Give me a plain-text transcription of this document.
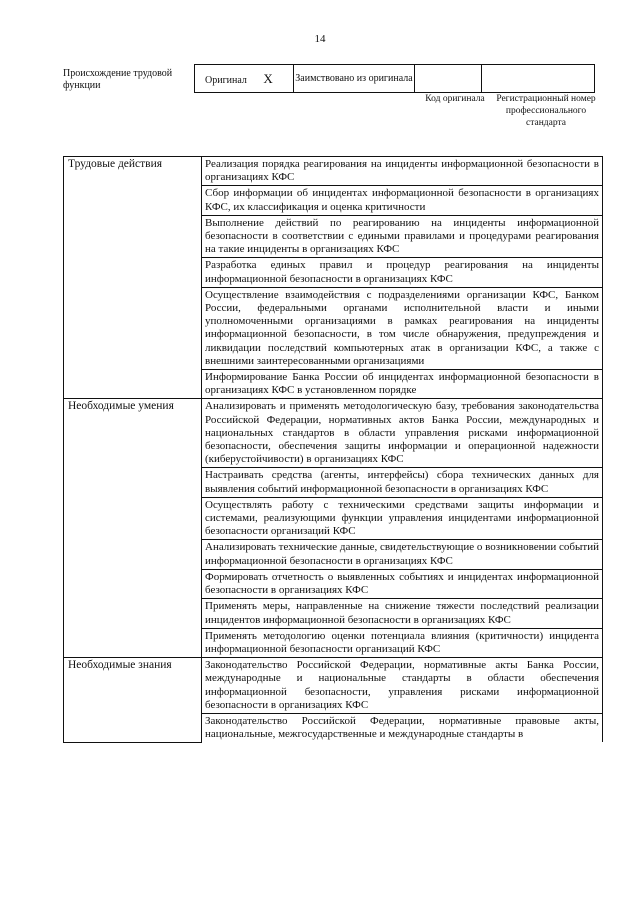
14
Происхождение трудовой функции	Оригинал X	Заимствовано из оригинала		
Код оригинала	Регистрационный номер профессионального стандарта
Трудовые действия	Реализация порядка реагирования на инциденты информационной безопасности в организациях КФС
	Сбор информации об инцидентах информационной безопасности в организациях КФС, их классификация и оценка критичности
	Выполнение действий по реагированию на инциденты информационной безопасности в соответствии с едиными правилами и процедурами реагирования на такие инциденты в организациях КФС
	Разработка единых правил и процедур реагирования на инциденты информационной безопасности в организациях КФС
	Осуществление взаимодействия с подразделениями организации КФС, Банком России, федеральными органами исполнительной власти и иными уполномоченными организациями в рамках реагирования на инциденты информационной безопасности, в том числе обнаружения, предупреждения и ликвидации последствий компьютерных атак в организации КФС, а также с внешними заинтересованными организациями
	Информирование Банка России об инцидентах информационной безопасности в организациях КФС в установленном порядке
Необходимые умения	Анализировать и применять методологическую базу, требования законодательства Российской Федерации, нормативных актов Банка России, международных и национальных стандартов в области управления рисками информационной безопасности, обеспечения защиты информации и операционной надежности (киберустойчивости) в организациях КФС
	Настраивать средства (агенты, интерфейсы) сбора технических данных для выявления событий информационной безопасности в организациях КФС
	Осуществлять работу с техническими средствами защиты информации и системами, реализующими функции управления инцидентами информационной безопасности организаций КФС
	Анализировать технические данные, свидетельствующие о возникновении событий информационной безопасности в организациях КФС
	Формировать отчетность о выявленных событиях и инцидентах информационной безопасности в организациях КФС
	Применять меры, направленные на снижение тяжести последствий реализации инцидентов информационной безопасности в организациях КФС
	Применять методологию оценки потенциала влияния (критичности) инцидента информационной безопасности организаций КФС
Необходимые знания	Законодательство Российской Федерации, нормативные акты Банка России, международные и национальные стандарты в области обеспечения информационной безопасности, управления рисками информационной безопасности в организациях КФС
	Законодательство Российской Федерации, нормативные правовые акты, национальные, межгосударственные и международные стандарты в
